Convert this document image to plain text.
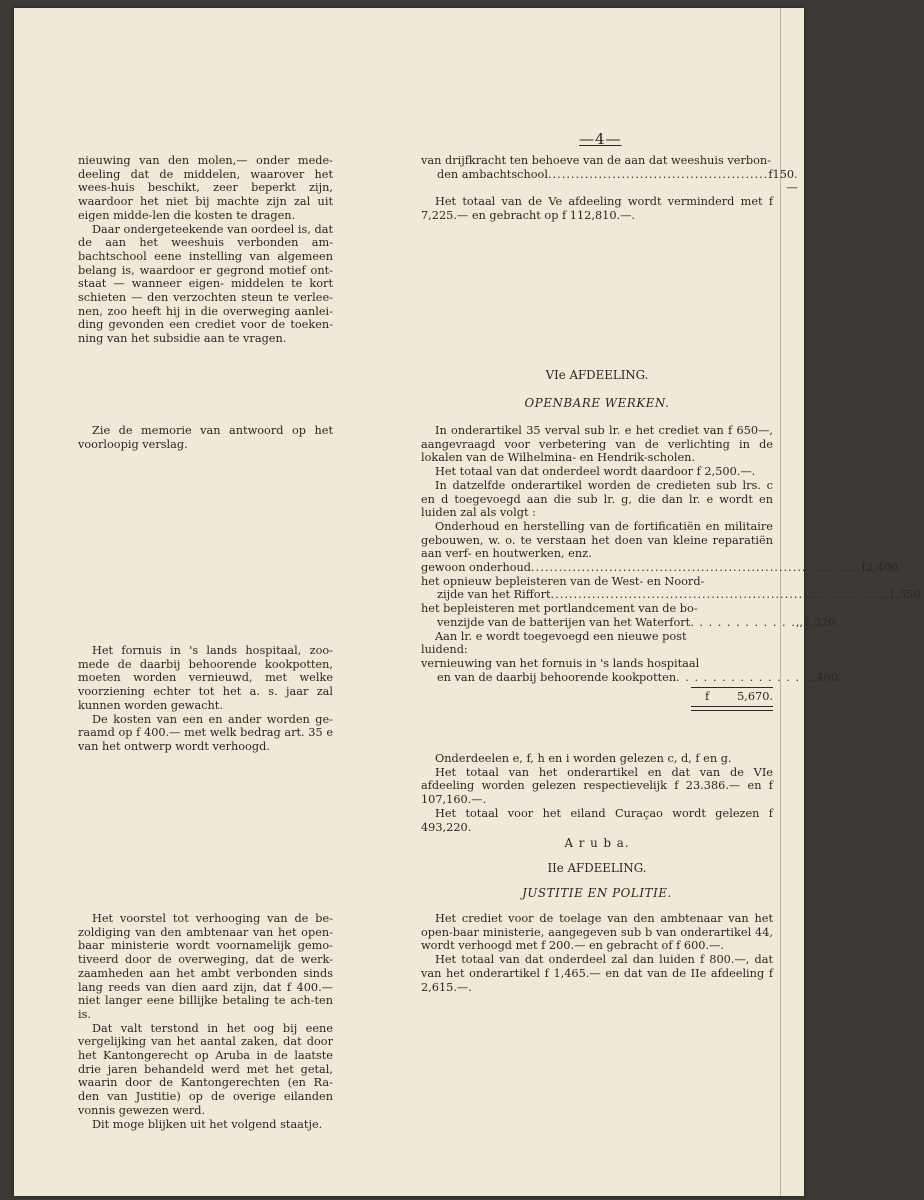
—4—

nieuwing van den molen,— onder mede-deeling dat de middelen, waarover het wees-huis beschikt, zeer beperkt zijn, waardoor het niet bij machte zijn zal uit eigen midde-len die kosten te dragen.

Daar ondergeteekende van oordeel is, dat de aan het weeshuis verbonden am-bachtschool eene instelling van algemeen belang is, waardoor er gegrond motief ont-staat — wanneer eigen- middelen te kort schieten — den verzochten steun te verlee-nen, zoo heeft hij in die overweging aanlei-ding gevonden een crediet voor de toeken-ning van het subsidie aan te vragen.

Zie de memorie van antwoord op het voorloopig verslag.

Het fornuis in 's lands hospitaal, zoo-mede de daarbij behoorende kookpotten, moeten worden vernieuwd, met welke voorziening echter tot het a. s. jaar zal kunnen worden gewacht.

De kosten van een en ander worden ge-raamd op f 400.— met welk bedrag art. 35 e van het ontwerp wordt verhoogd.

Het voorstel tot verhooging van de be-zoldiging van den ambtenaar van het open-baar ministerie wordt voornamelijk gemo-tiveerd door de overweging, dat de werk-zaamheden aan het ambt verbonden sinds lang reeds van dien aard zijn, dat f 400.— niet langer eene billijke betaling te ach-ten is.

Dat valt terstond in het oog bij eene vergelijking van het aantal zaken, dat door het Kantongerecht op Aruba in de laatste drie jaren behandeld werd met het getal, waarin door de Kantongerechten (en Ra-den van Justitie) op de overige eilanden vonnis gewezen werd.

Dit moge blijken uit het volgend staatje.

van drijfkracht ten behoeve van de aan dat weeshuis verbon-

den ambachtschool ................................................ f 150.—

Het totaal van de Ve afdeeling wordt verminderd met f 7,225.— en gebracht op f 112,810.—.

VIe AFDEELING.
OPENBARE WERKEN.

In onderartikel 35 verval sub lr. e het crediet van f 650—, aangevraagd voor verbetering van de verlichting in de lokalen van de Wilhelmina- en Hendrik-scholen.

Het totaal van dat onderdeel wordt daardoor f 2,500.—.

In datzelfde onderartikel worden de credieten sub lrs. c en d toegevoegd aan die sub lr. g, die dan lr. e wordt en luiden zal als volgt :

Onderhoud en herstelling van de fortificatiën en militaire gebouwen, w. o. te verstaan het doen van kleine reparatiën aan verf- en houtwerken, enz.

gewoon onderhoud ........................................................................ f 2,400.
het opnieuw bepleisteren van de West- en Noord-
zijde van het Riffort ........................................................................ ,, 1,550.
het bepleisteren met portlandcement van de bo-
venzijde van de batterijen van het Waterfort . . . . . . . . . . . . ,, 1,320.

Aan lr. e wordt toegevoegd een nieuwe post

luidend:

vernieuwing van het fornuis in 's lands hospitaal
en van de daarbij behoorende kookpotten . . . . . . . . . . . . . . . ,, 400.
f	5,670.

Onderdeelen e, f, h en i worden gelezen c, d, f en g.

Het totaal van het onderartikel en dat van de VIe afdeeling worden gelezen respectievelijk f 23.386.— en f 107,160.—.

Het totaal voor het eiland Curaçao wordt gelezen f 493,220.

A r u b a.
IIe AFDEELING.
JUSTITIE EN POLITIE.

Het crediet voor de toelage van den ambtenaar van het open-baar ministerie, aangegeven sub b van onderartikel 44, wordt verhoogd met f 200.— en gebracht of f 600.—.

Het totaal van dat onderdeel zal dan luiden f 800.—, dat van het onderartikel f 1,465.— en dat van de IIe afdeeling f 2,615.—.
